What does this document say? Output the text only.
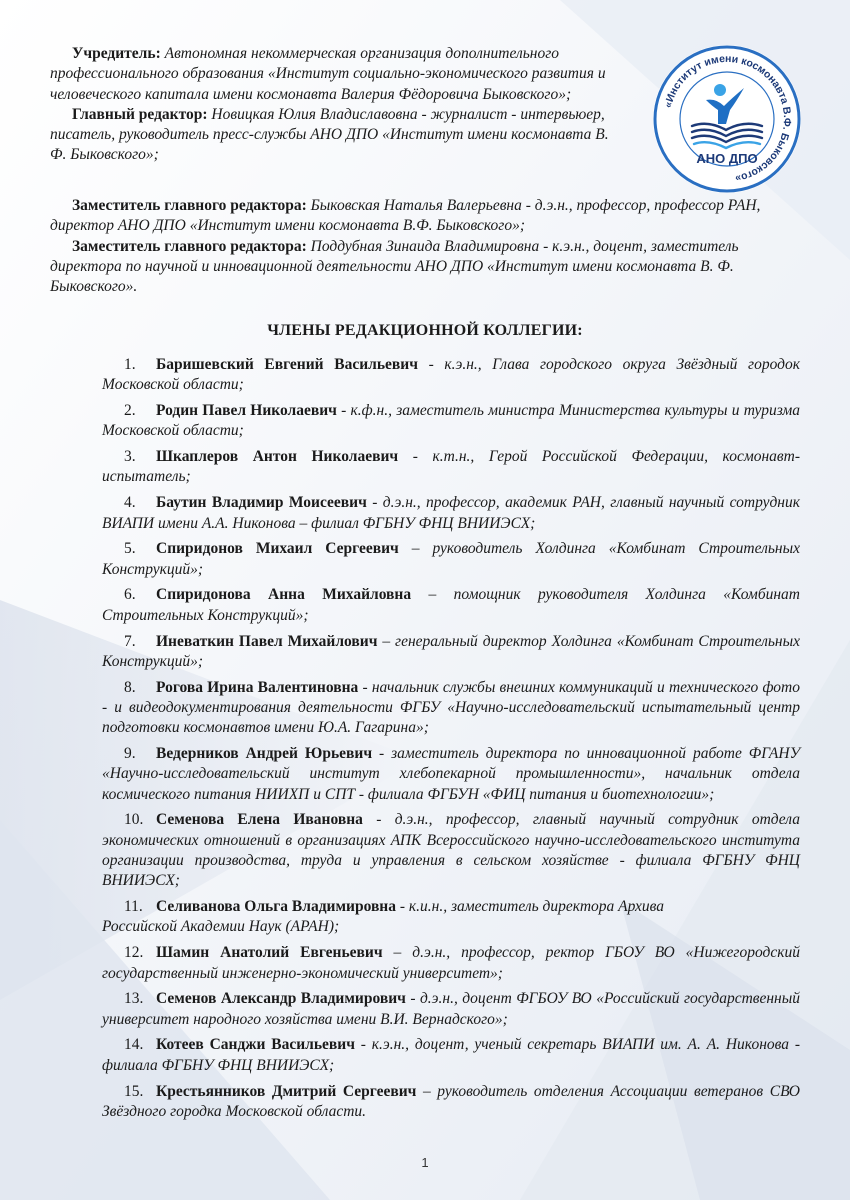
Учредитель: Автономная некоммерческая организация дополнительного профессионального образования «Институт социально-экономического развития и человеческого капитала имени космонавта Валерия Фёдоровича Быковского»;

Главный редактор: Новицкая Юлия Владиславовна - журналист - интервьюер, писатель, руководитель пресс-службы АНО ДПО «Институт имени космонавта В. Ф. Быковского»;

Заместитель главного редактора: Быковская Наталья Валерьевна - д.э.н., профессор, профессор РАН, директор АНО ДПО «Институт имени космонавта В.Ф. Быковского»;

Заместитель главного редактора: Поддубная Зинаида Владимировна - к.э.н., доцент, заместитель директора по научной и инновационной деятельности АНО ДПО «Институт имени космонавта В. Ф. Быковского».

«Институт имени космонавта В.Ф. Быковского»
АНО ДПО
ЧЛЕНЫ РЕДАКЦИОННОЙ КОЛЛЕГИИ:

1. Баришевский Евгений Васильевич - к.э.н., Глава городского округа Звёздный городок Московской области;

2. Родин Павел Николаевич - к.ф.н., заместитель министра Министерства культуры и туризма Московской области;

3. Шкаплеров Антон Николаевич - к.т.н., Герой Российской Федерации, космонавт-испытатель;

4. Баутин Владимир Моисеевич - д.э.н., профессор, академик РАН, главный научный сотрудник ВИАПИ имени А.А. Никонова – филиал ФГБНУ ФНЦ ВНИИЭСХ;

5. Спиридонов Михаил Сергеевич – руководитель Холдинга «Комбинат Строительных Конструкций»;

6. Спиридонова Анна Михайловна – помощник руководителя Холдинга «Комбинат Строительных Конструкций»;

7. Иневаткин Павел Михайлович – генеральный директор Холдинга «Комбинат Строительных Конструкций»;

8. Рогова Ирина Валентиновна - начальник службы внешних коммуникаций и технического фото - и видеодокументирования деятельности ФГБУ «Научно-исследовательский испытательный центр подготовки космонавтов имени Ю.А. Гагарина»;

9. Ведерников Андрей Юрьевич - заместитель директора по инновационной работе ФГАНУ «Научно-исследовательский институт хлебопекарной промышленности», начальник отдела космического питания НИИХП и СПТ - филиала ФГБУН «ФИЦ питания и биотехнологии»;

10. Семенова Елена Ивановна - д.э.н., профессор, главный научный сотрудник отдела экономических отношений в организациях АПК Всероссийского научно-исследовательского института организации производства, труда и управления в сельском хозяйстве - филиала ФГБНУ ФНЦ ВНИИЭСХ;

11. Селиванова Ольга Владимировна - к.и.н., заместитель директора Архива
Российской Академии Наук (АРАН);

12. Шамин Анатолий Евгеньевич – д.э.н., профессор, ректор ГБОУ ВО «Нижегородский государственный инженерно-экономический университет»;

13. Семенов Александр Владимирович - д.э.н., доцент ФГБОУ ВО «Российский государственный университет народного хозяйства имени В.И. Вернадского»;

14. Котеев Санджи Васильевич - к.э.н., доцент, ученый секретарь ВИАПИ им. А. А. Никонова - филиала ФГБНУ ФНЦ ВНИИЭСХ;

15. Крестьянников Дмитрий Сергеевич – руководитель отделения Ассоциации ветеранов СВО Звёздного городка Московской области.

1
